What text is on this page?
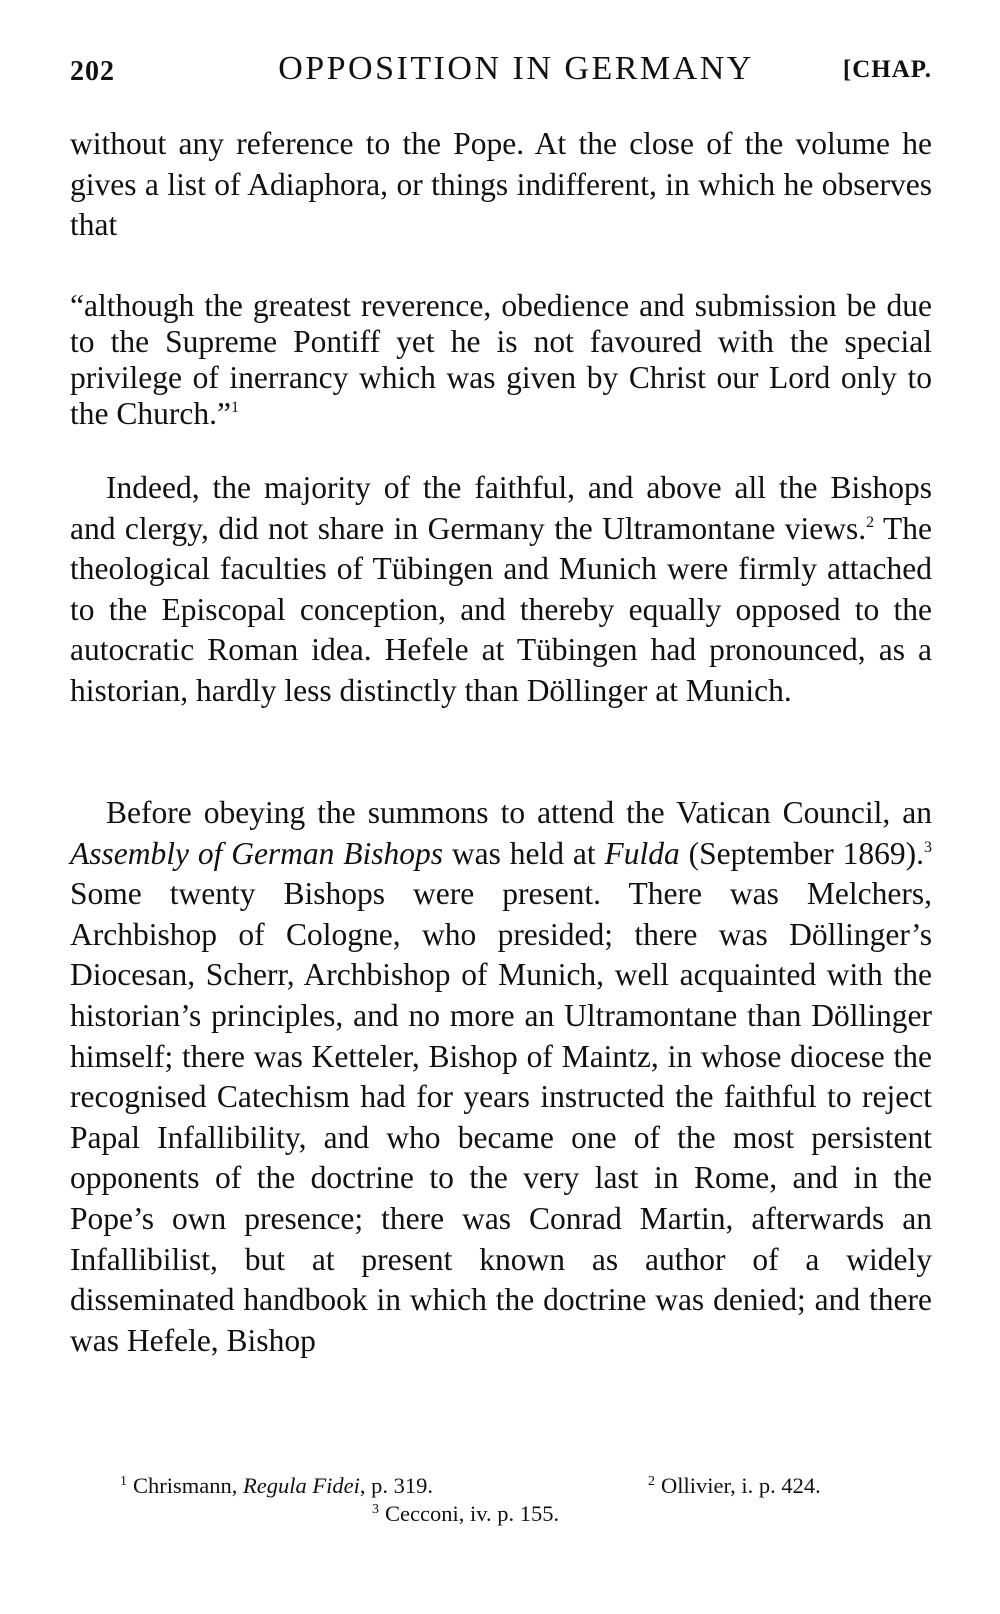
202	OPPOSITION IN GERMANY	[CHAP.

without any reference to the Pope. At the close of the volume he gives a list of Adiaphora, or things indifferent, in which he observes that

“although the greatest reverence, obedience and submission be due to the Supreme Pontiff yet he is not favoured with the special privilege of inerrancy which was given by Christ our Lord only to the Church.”$^1$

Indeed, the majority of the faithful, and above all the Bishops and clergy, did not share in Germany the Ultramontane views.$^2$ The theological faculties of Tübingen and Munich were firmly attached to the Episcopal conception, and thereby equally opposed to the autocratic Roman idea. Hefele at Tübingen had pronounced, as a historian, hardly less distinctly than Döllinger at Munich.

Before obeying the summons to attend the Vatican Council, an Assembly of German Bishops was held at Fulda (September 1869).$^3$ Some twenty Bishops were present. There was Melchers, Archbishop of Cologne, who presided; there was Döllinger’s Diocesan, Scherr, Archbishop of Munich, well acquainted with the historian’s principles, and no more an Ultramontane than Döllinger himself; there was Ketteler, Bishop of Maintz, in whose diocese the recognised Catechism had for years instructed the faithful to reject Papal Infallibility, and who became one of the most persistent opponents of the doctrine to the very last in Rome, and in the Pope’s own presence; there was Conrad Martin, afterwards an Infallibilist, but at present known as author of a widely disseminated handbook in which the doctrine was denied; and there was Hefele, Bishop

$^1$ Chrismann, Regula Fidei, p. 319.	$^2$ Ollivier, i. p. 424.
$^3$ Cecconi, iv. p. 155.
